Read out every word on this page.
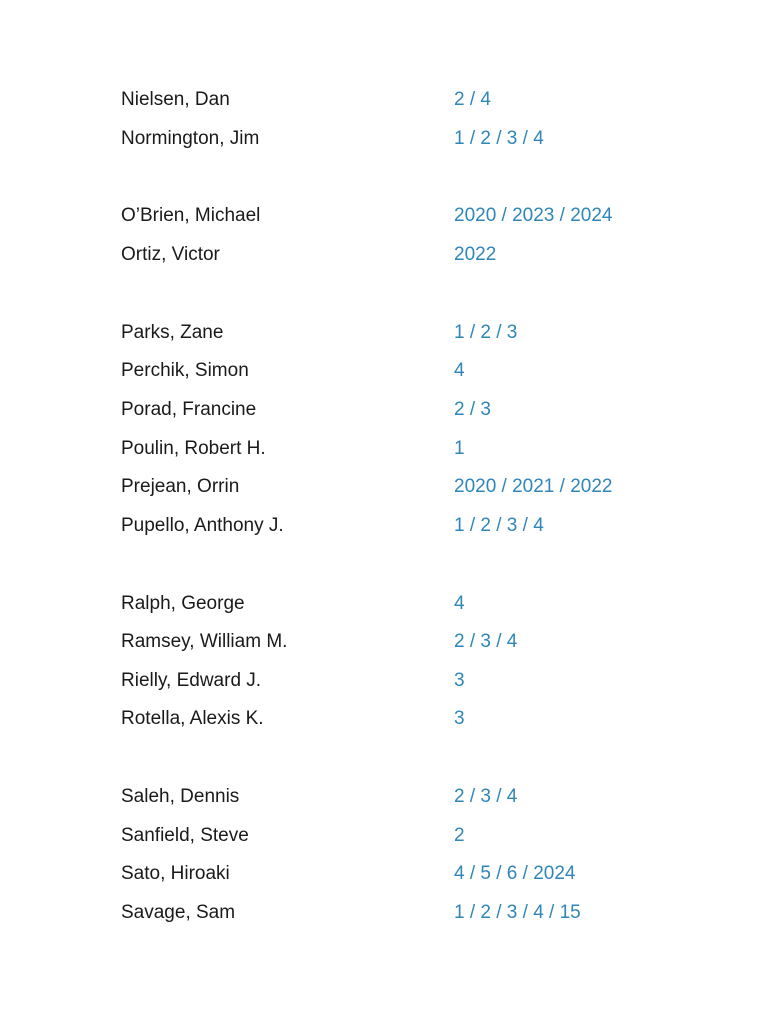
Nielsen, Dan	2 / 4
Normington, Jim	1 / 2 / 3 / 4
O’Brien, Michael	2020 / 2023 / 2024
Ortiz, Victor	2022
Parks, Zane	1 / 2 / 3
Perchik, Simon	4
Porad, Francine	2 / 3
Poulin, Robert H.	1
Prejean, Orrin	2020 / 2021 / 2022
Pupello, Anthony J.	1 / 2 / 3 / 4
Ralph, George	4
Ramsey, William M.	2 / 3 / 4
Rielly, Edward J.	3
Rotella, Alexis K.	3
Saleh, Dennis	2 / 3 / 4
Sanfield, Steve	2
Sato, Hiroaki	4 / 5 / 6 / 2024
Savage, Sam	1 / 2 / 3 / 4 / 15
